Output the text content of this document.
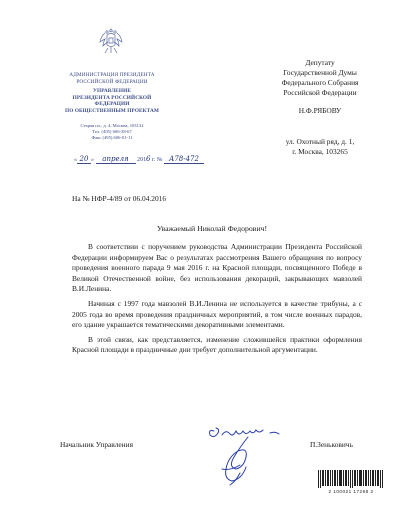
АДМИНИСТРАЦИЯ ПРЕЗИДЕНТА
РОССИЙСКОЙ ФЕДЕРАЦИИ
УПРАВЛЕНИЕ
ПРЕЗИДЕНТА РОССИЙСКОЙ ФЕДЕРАЦИИ
ПО ОБЩЕСТВЕННЫМ ПРОЕКТАМ
Старая пл., д. 4, Москва, 103132
Тел. (495) 606-38-67
Факс (495) 606-01-11
« 20 » апреля 2016 г. № А78-472
Депутату
Государственной Думы
Федерального Собрания
Российской Федерации
Н.Ф.РЯБОВУ
ул. Охотный ряд, д. 1,
г. Москва, 103265
На № НФР-4/89 от 06.04.2016
Уважаемый Николай Федорович!

В соответствии с поручением руководства Администрации Президента Российской Федерации информируем Вас о результатах рассмотрения Вашего обращения по вопросу проведения военного парада 9 мая 2016 г. на Красной площади, посвященного Победе в Великой Отечественной войне, без использования декораций, закрывающих мавзолей В.И.Ленина.

Начиная с 1997 года мавзолей В.И.Ленина не используется в качестве трибуны, а с 2005 года во время проведения праздничных мероприятий, в том числе военных парадов, его здание украшается тематическими декоративными элементами.

В этой связи, как представляется, изменение сложившейся практики оформления Красной площади в праздничные дни требует дополнительной аргументации.

Начальник Управления	П.Зеньковичь
2 100021 17268 2
